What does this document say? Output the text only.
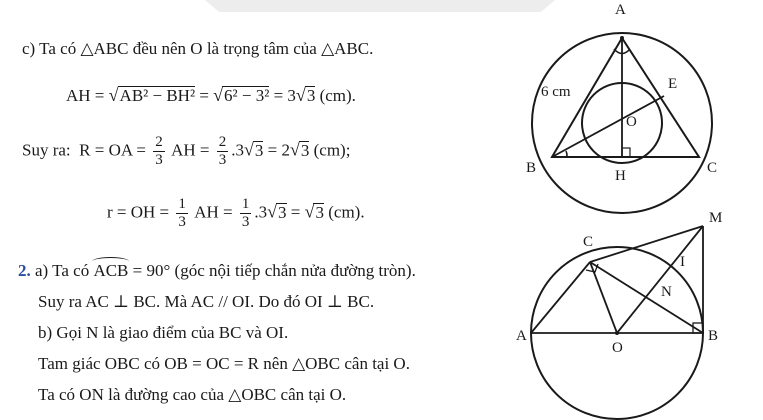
c) Ta có △ABC đều nên O là trọng tâm của △ABC.
AH = √AB² − BH² = √6² − 3² = 3√3 (cm).
Suy ra: R = OA = $\frac{2}{3}$ AH = $\frac{2}{3} .3√3 = 2√3$ (cm);
r = OH = $\frac{1}{3}$ AH = $\frac{1}{3} .3√3 = √3$ (cm).
2. a) Ta có ACB = 90° (góc nội tiếp chắn nửa đường tròn).
Suy ra AC ⊥ BC. Mà AC // OI. Do đó OI ⊥ BC.
b) Gọi N là giao điểm của BC và OI.
Tam giác OBC có OB = OC = R nên △OBC cân tại O.
Ta có ON là đường cao của △OBC cân tại O.
A
B	C
E
O
H
6 cm
C
M
I
N
A	B
O
